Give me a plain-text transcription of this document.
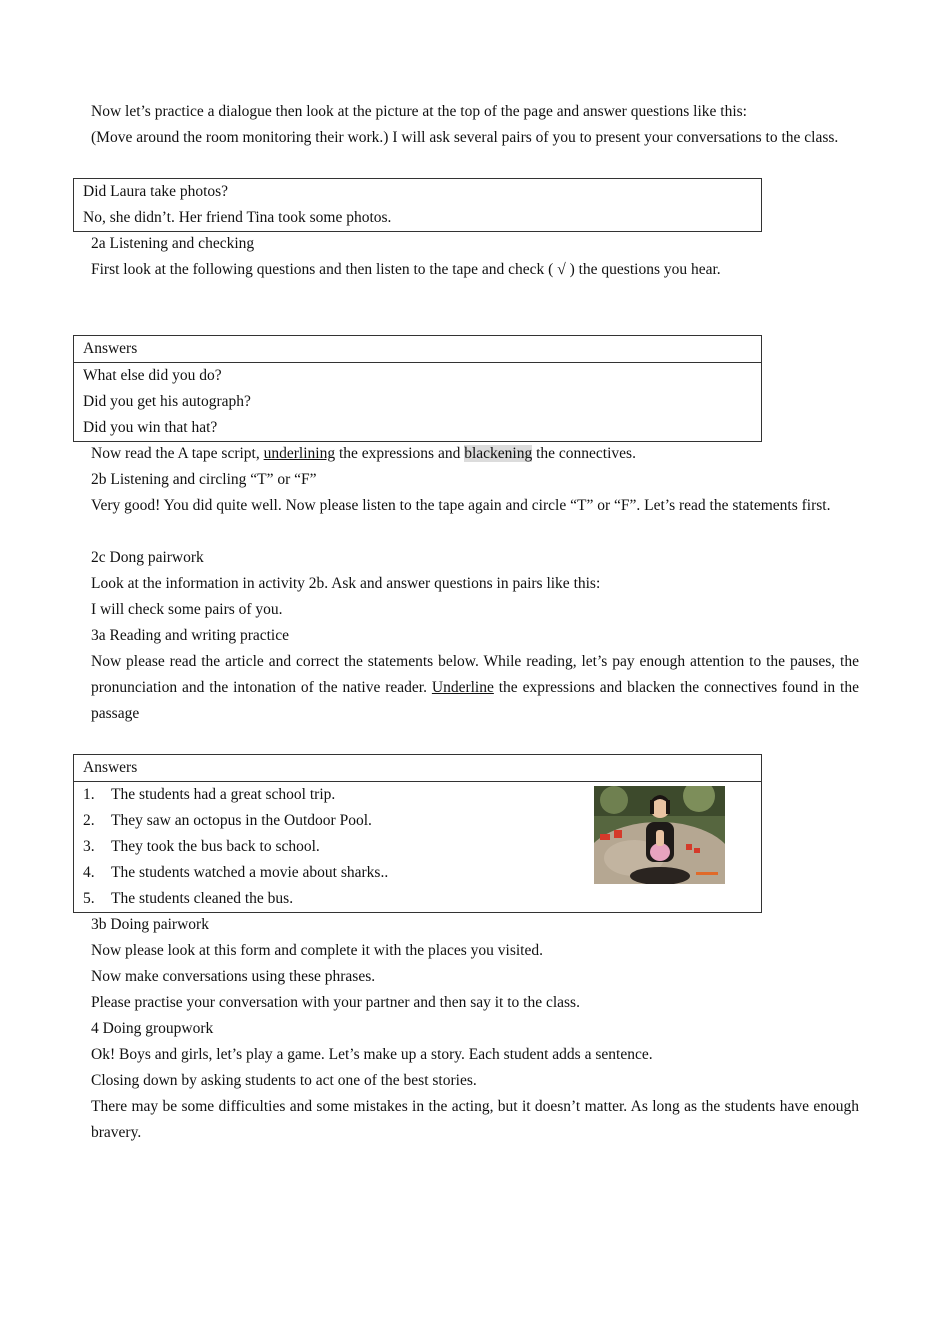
Now let’s practice a dialogue then look at the picture at the top of the page and answer questions like this:
(Move around the room monitoring their work.) I will ask several pairs of you to present your conversations to the class.
Did Laura take photos?
No, she didn’t. Her friend Tina took some photos.
2a Listening and checking
First look at the following questions and then listen to the tape and check ( √ ) the questions you hear.
Answers
What else did you do?
Did you get his autograph?
Did you win that hat?
Now read the A tape script, underlining the expressions and blackening the connectives.
2b Listening and circling “T” or “F”
Very good! You did quite well. Now please listen to the tape again and circle “T” or “F”. Let’s read the statements first.
2c Dong pairwork
Look at the information in activity 2b. Ask and answer questions in pairs like this:
I will check some pairs of you.
3a Reading and writing practice
Now please read the article and correct the statements below. While reading, let’s pay enough attention to the pauses, the pronunciation and the intonation of the native reader. Underline the expressions and blacken the connectives found in the passage
Answers
1.	The students had a great school trip.
2.	They saw an octopus in the Outdoor Pool.
3.	They took the bus back to school.
4.	The students watched a movie about sharks..
5.	The students cleaned the bus.
3b Doing pairwork
Now please look at this form and complete it with the places you visited.
Now make conversations using these phrases.
Please practise your conversation with your partner and then say it to the class.
4 Doing groupwork
Ok! Boys and girls, let’s play a game. Let’s make up a story. Each student adds a sentence.
Closing down by asking students to act one of the best stories.
There may be some difficulties and some mistakes in the acting, but it doesn’t matter. As long as the students have enough bravery.
